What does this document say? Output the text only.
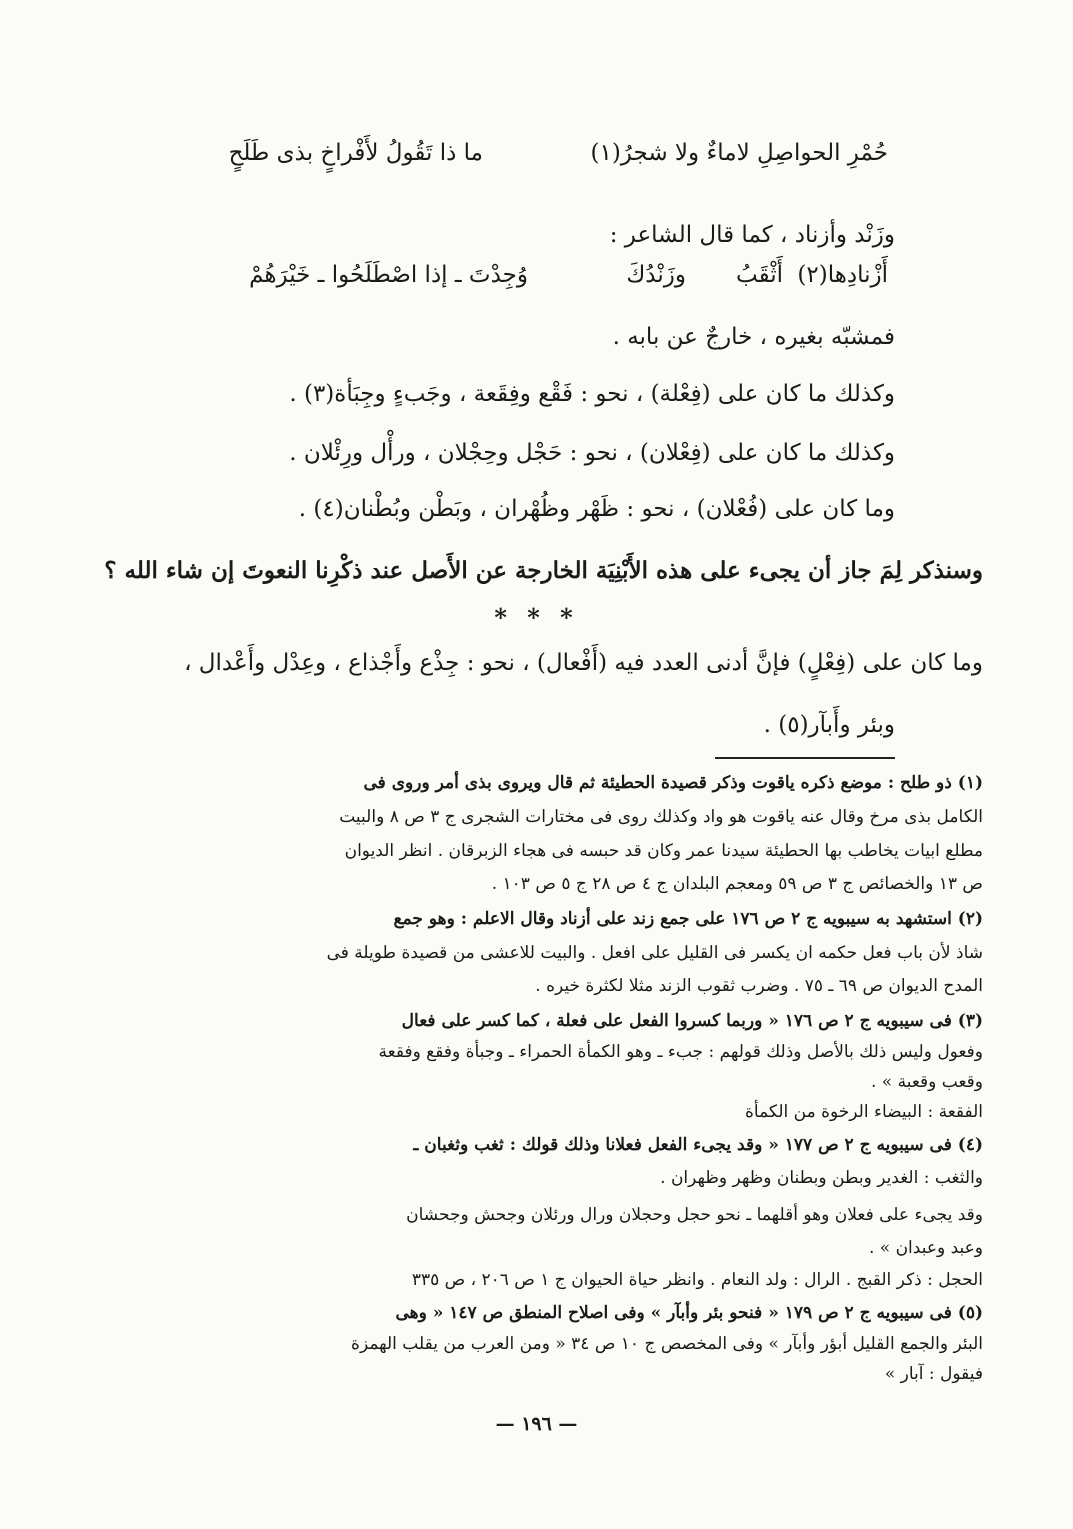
ما ذا تَقُولُ لأَفْراخٍ بذى طَلَحٍ	حُمْرِ الحواصِلِ لاماءٌ ولا شجرُ(١)
وزَنْد وأزناد ، كما قال الشاعر :
وُجِدْتَ ـ إذا اصْطَلَحُوا ـ خَيْرَهُمْ	وزَنْدُكَ أَثْقَبُ أَزْنادِها(٢)
فمشبّه بغيره ، خارجٌ عن بابه .
وكذلك ما كان على (فِعْلة) ، نحو : فَقْع وفِقَعة ، وجَبءٍ وجِبَأة(٣) .
وكذلك ما كان على (فِعْلان) ، نحو : حَجْل وحِجْلان ، ورأْل ورِئْلان .
وما كان على (فُعْلان) ، نحو : ظَهْر وظُهْران ، وبَطْن وبُطْنان(٤) .
وسنذكر لِمَ جاز أن يجىء على هذه الأَبْنِيَة الخارجة عن الأَصل عند ذكْرِنا النعوتَ إن شاء الله ؟
* * *
وما كان على (فِعْلٍ) فإنَّ أدنى العدد فيه (أَفْعال) ، نحو : جِذْع وأَجْذاع ، وعِدْل وأَعْدال ،
وبئر وأَبآر(٥) .
(١) ذو طلح : موضع ذكره ياقوت وذكر قصيدة الحطيئة ثم قال ويروى بذى أمر وروى فى
الكامل بذى مرخ وقال عنه ياقوت هو واد وكذلك روى فى مختارات الشجرى ج ٣ ص ٨ والبيت
مطلع ابيات يخاطب بها الحطيئة سيدنا عمر وكان قد حبسه فى هجاء الزبرقان . انظر الديوان
ص ١٣ والخصائص ج ٣ ص ٥٩ ومعجم البلدان ج ٤ ص ٢٨ ج ٥ ص ١٠٣ .
(٢) استشهد به سيبويه ج ٢ ص ١٧٦ على جمع زند على أزناد وقال الاعلم : وهو جمع
شاذ لأن باب فعل حكمه ان يكسر فى القليل على افعل . والبيت للاعشى من قصيدة طويلة فى
المدح الديوان ص ٦٩ ـ ٧٥ . وضرب ثقوب الزند مثلا لكثرة خيره .
(٣) فى سيبويه ج ٢ ص ١٧٦ « وربما كسروا الفعل على فعلة ، كما كسر على فعال
وفعول وليس ذلك بالأصل وذلك قولهم : جبء ـ وهو الكمأة الحمراء ـ وجبأة وفقع وفقعة
وقعب وقعبة » .
الفقعة : البيضاء الرخوة من الكمأة
(٤) فى سيبويه ج ٢ ص ١٧٧ « وقد يجىء الفعل فعلانا وذلك قولك : ثغب وثغبان ـ
والثغب : الغدير وبطن وبطنان وظهر وظهران .
وقد يجىء على فعلان وهو أقلهما ـ نحو حجل وحجلان ورال ورئلان وجحش وجحشان
وعبد وعبدان » .
الحجل : ذكر القبج . الرال : ولد النعام . وانظر حياة الحيوان ج ١ ص ٢٠٦ ، ص ٣٣٥
(٥) فى سيبويه ج ٢ ص ١٧٩ « فنحو بئر وأبآر » وفى اصلاح المنطق ص ١٤٧ « وهى
البئر والجمع القليل أبؤر وأبآر » وفى المخصص ج ١٠ ص ٣٤ « ومن العرب من يقلب الهمزة
فيقول : آبار »
— ١٩٦ —
